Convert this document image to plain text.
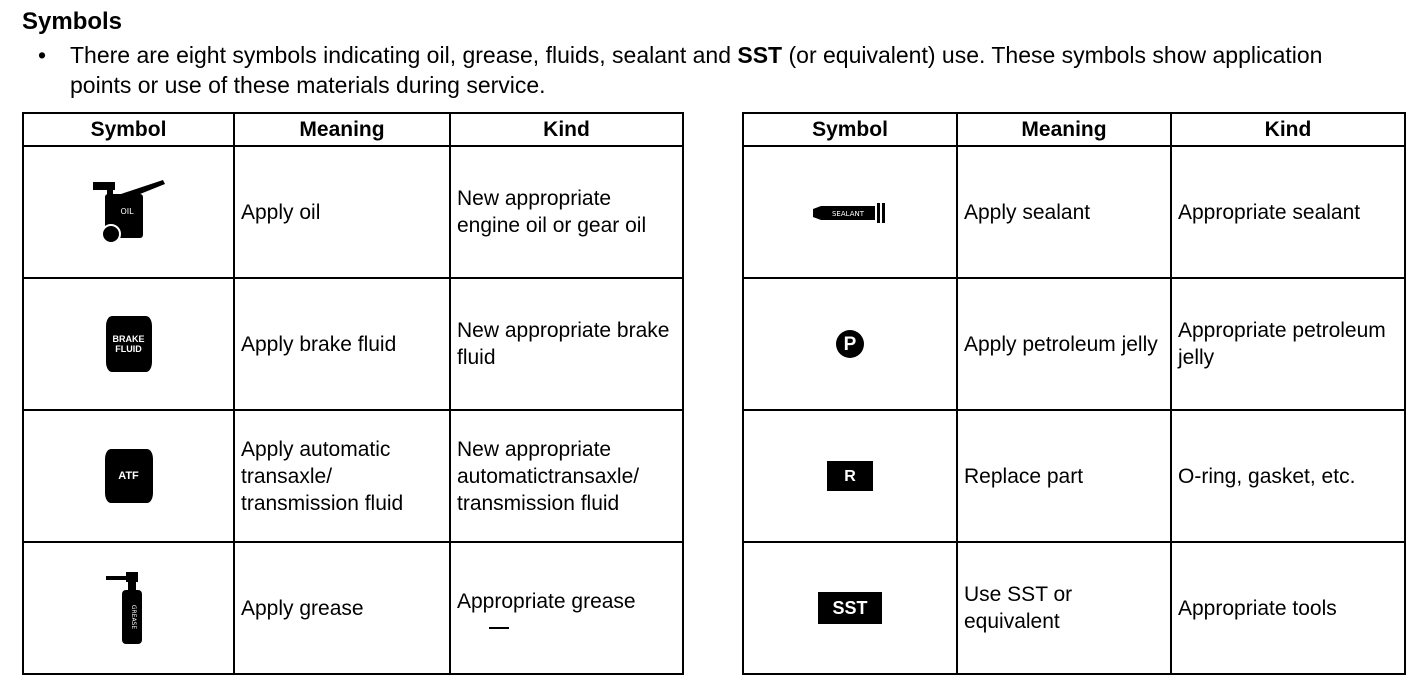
Symbols
• There are eight symbols indicating oil, grease, fluids, sealant and SST (or equivalent) use. These symbols show application points or use of these materials during service.
Symbol	Meaning	Kind

OIL	Apply oil	New appropriate engine oil or gear oil
BRAKE FLUID	Apply brake fluid	New appropriate brake fluid
ATF	Apply automatic transaxle/ transmission fluid	New appropriate automatictransaxle/ transmission fluid

GREASE	Apply grease	Appropriate grease
Symbol	Meaning	Kind

SEALANT	Apply sealant	Appropriate sealant
P	Apply petroleum jelly	Appropriate petroleum jelly
R	Replace part	O-ring, gasket, etc.
SST	Use SST or equivalent	Appropriate tools
